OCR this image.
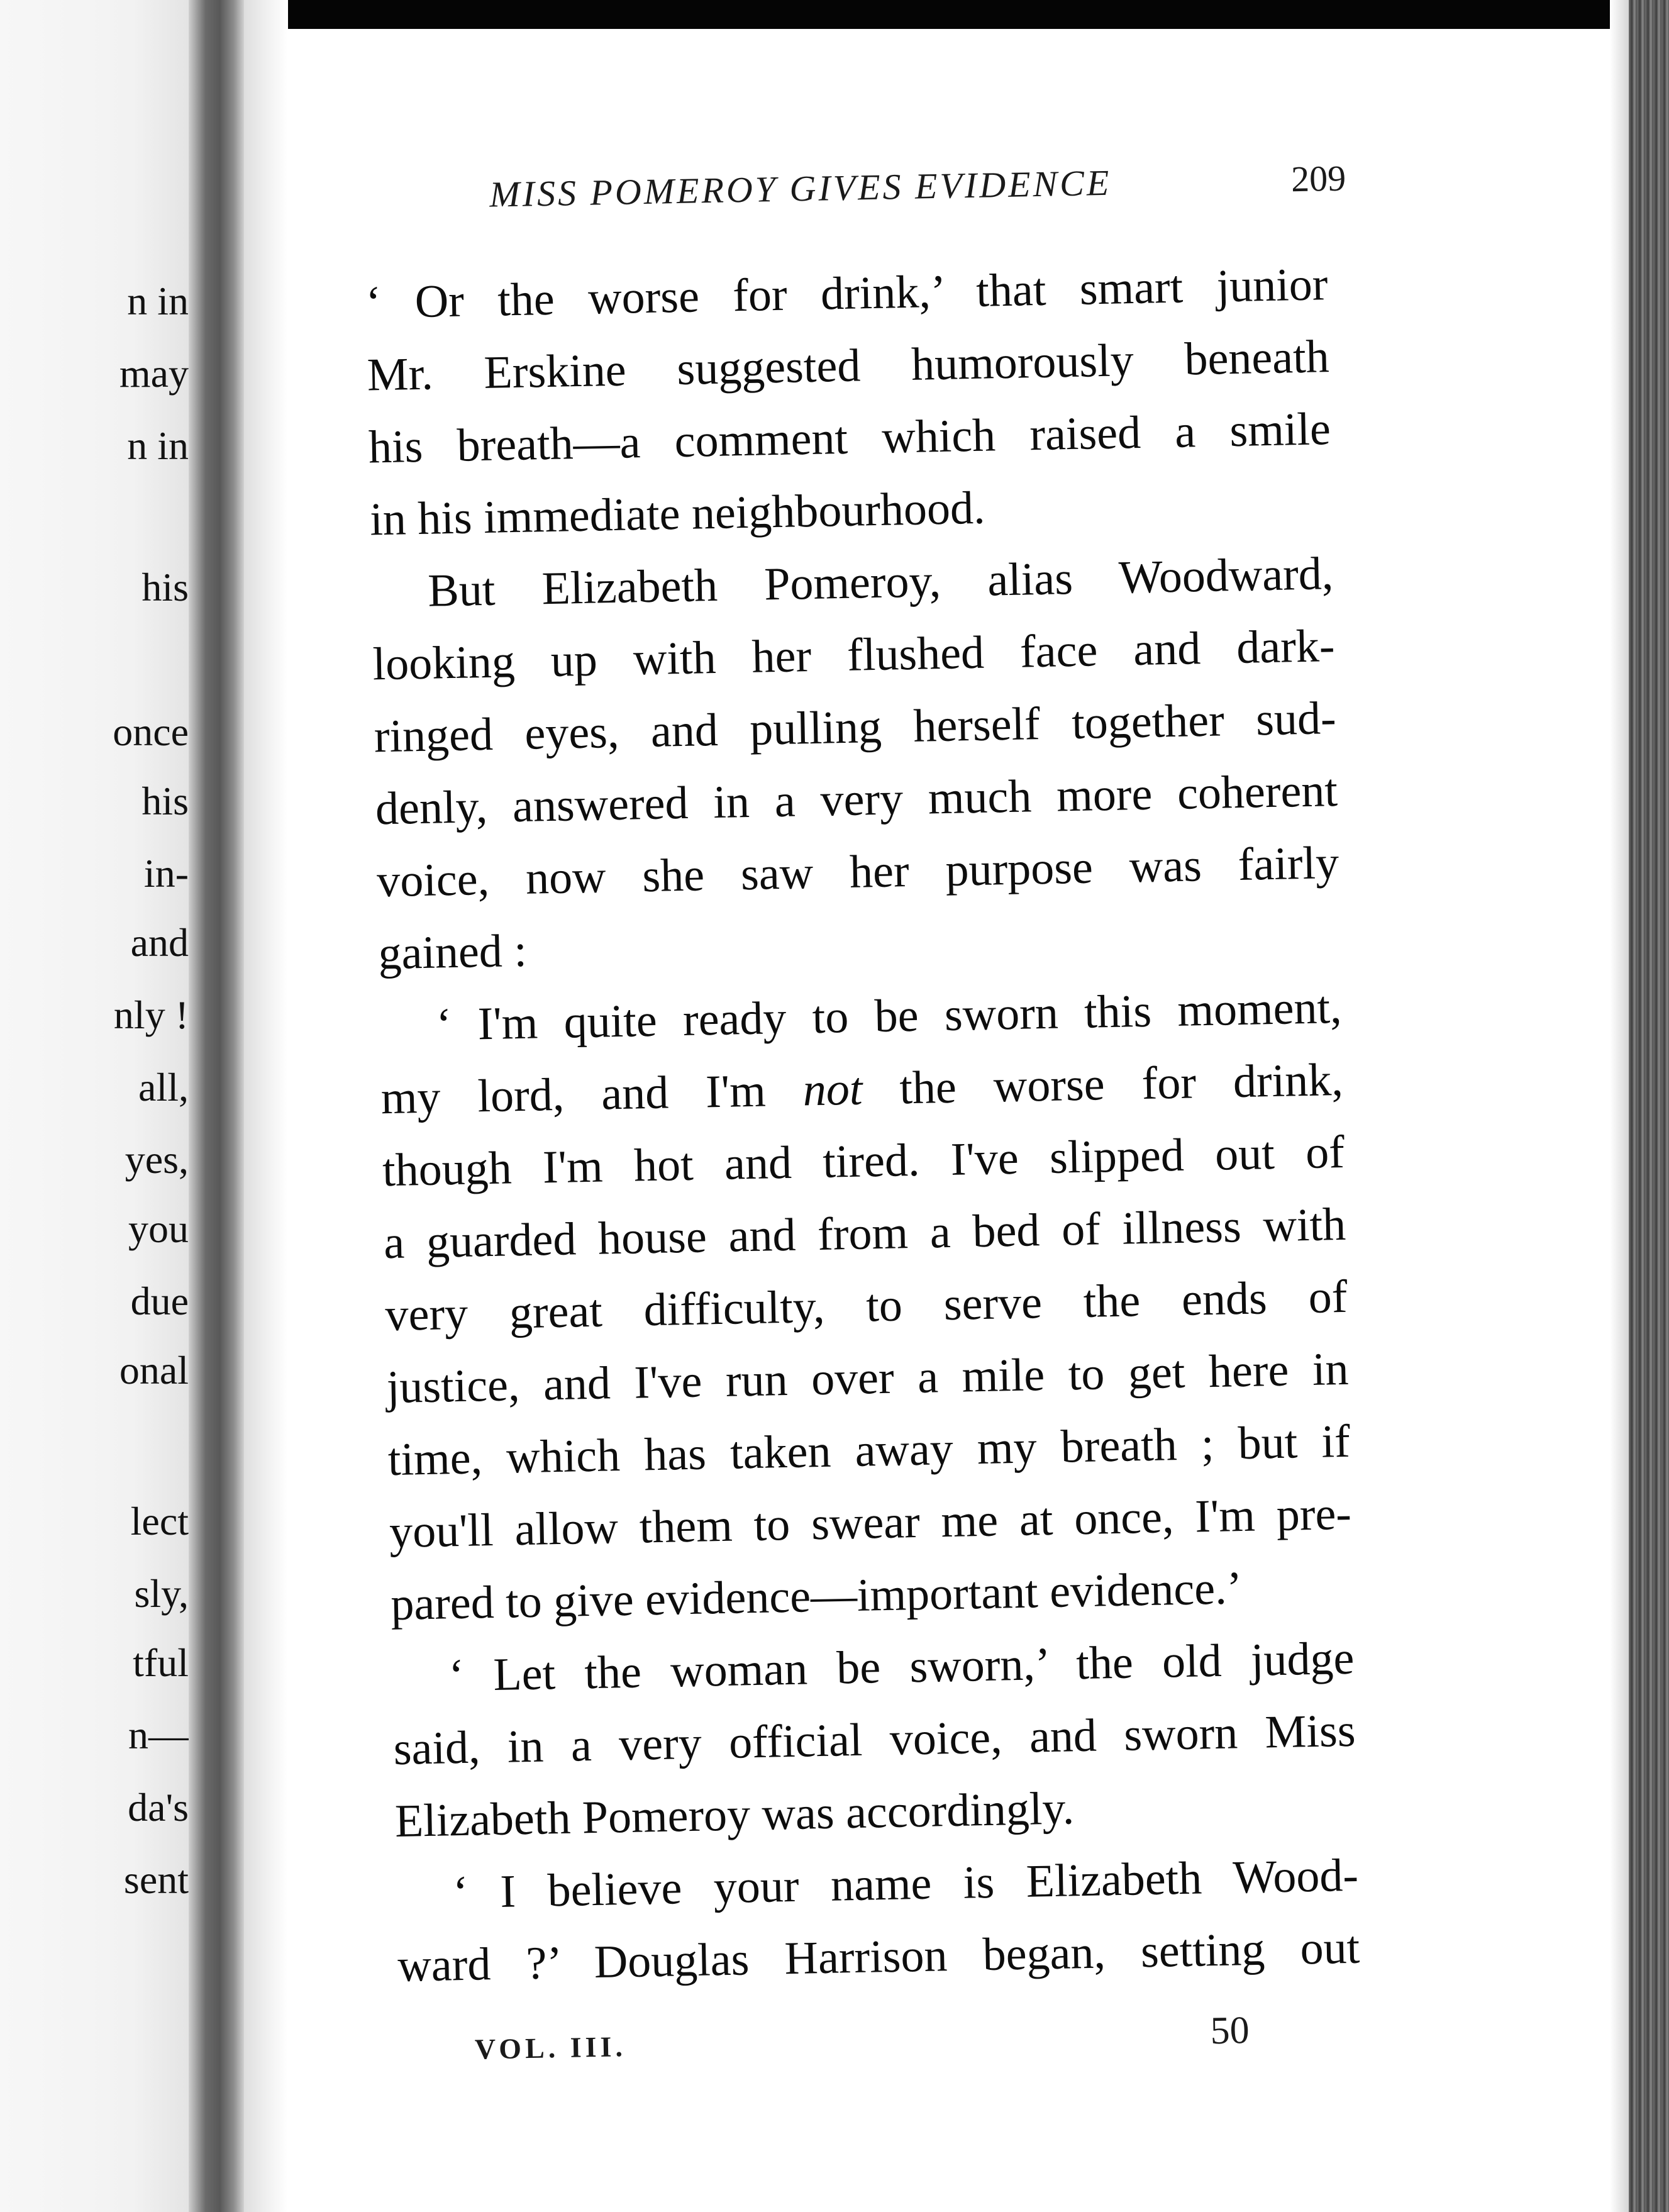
n in
may
n in
his
once
his
in-
and
nly !
all,
yes,
you
due
onal
lect
sly,
tful
n—
da's
sent
MISS POMEROY GIVES EVIDENCE	209
‘ Or the worse for drink,’ that smart junior
Mr. Erskine suggested humorously beneath
his breath—a comment which raised a smile
in his immediate neighbourhood.
But Elizabeth Pomeroy, alias Woodward,
looking up with her flushed face and dark-
ringed eyes, and pulling herself together sud-
denly, answered in a very much more coherent
voice, now she saw her purpose was fairly
gained :
‘ I'm quite ready to be sworn this moment,
my lord, and I'm not the worse for drink,
though I'm hot and tired. I've slipped out of
a guarded house and from a bed of illness with
very great difficulty, to serve the ends of
justice, and I've run over a mile to get here in
time, which has taken away my breath ; but if
you'll allow them to swear me at once, I'm pre-
pared to give evidence—important evidence.’
‘ Let the woman be sworn,’ the old judge
said, in a very official voice, and sworn Miss
Elizabeth Pomeroy was accordingly.
‘ I believe your name is Elizabeth Wood-
ward ?’ Douglas Harrison began, setting out
VOL. III.	50
